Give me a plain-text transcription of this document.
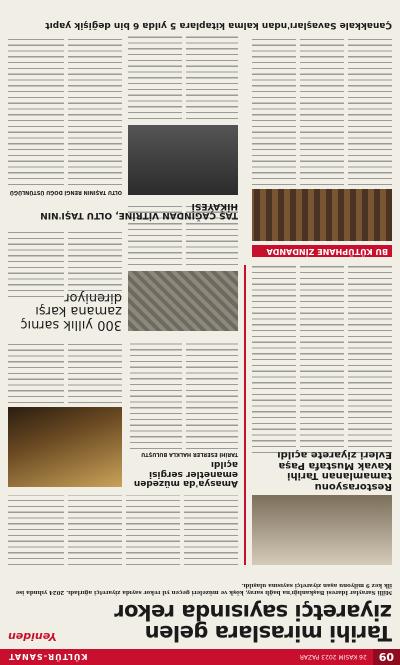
09
26 KASIM 2023 PAZAR
KÜLTÜR-SANAT
Tarihi miraslara gelen ziyaretçi sayısında rekor
Yeniden
Milli Saraylar İdaresi Başkanlığı'na bağlı saray, köşk ve müzeleri geçen yıl rekor sayıda ziyaretçi ağırladı. 2024 yılında ise ilk kez 9 milyonu aşan ziyaretçi sayısına ulaşıldı.
Restorasyonu tamamlanan Tarihi Kavak Mustafa Paşa Evleri ziyarete açıldı
Amasya'da müzeden emanetler sergisi açıldı
TARİHİ ESERLER HALKLA BULUŞTU
300 yıllık sarnıç zamana karşı direniyor
BU KÜTÜPHANE ZİNDANDA
TAŞ ÇAĞINDAN VİTRİNE, OLTU TAŞI'NIN HİKAYESİ
OLTU TAŞININ RENGİ DOĞU ÜSTÜNLÜĞÜ
Çanakkale Savaşları'ndan kalma kitaplara 5 yılda 6 bin değişik yapıt
